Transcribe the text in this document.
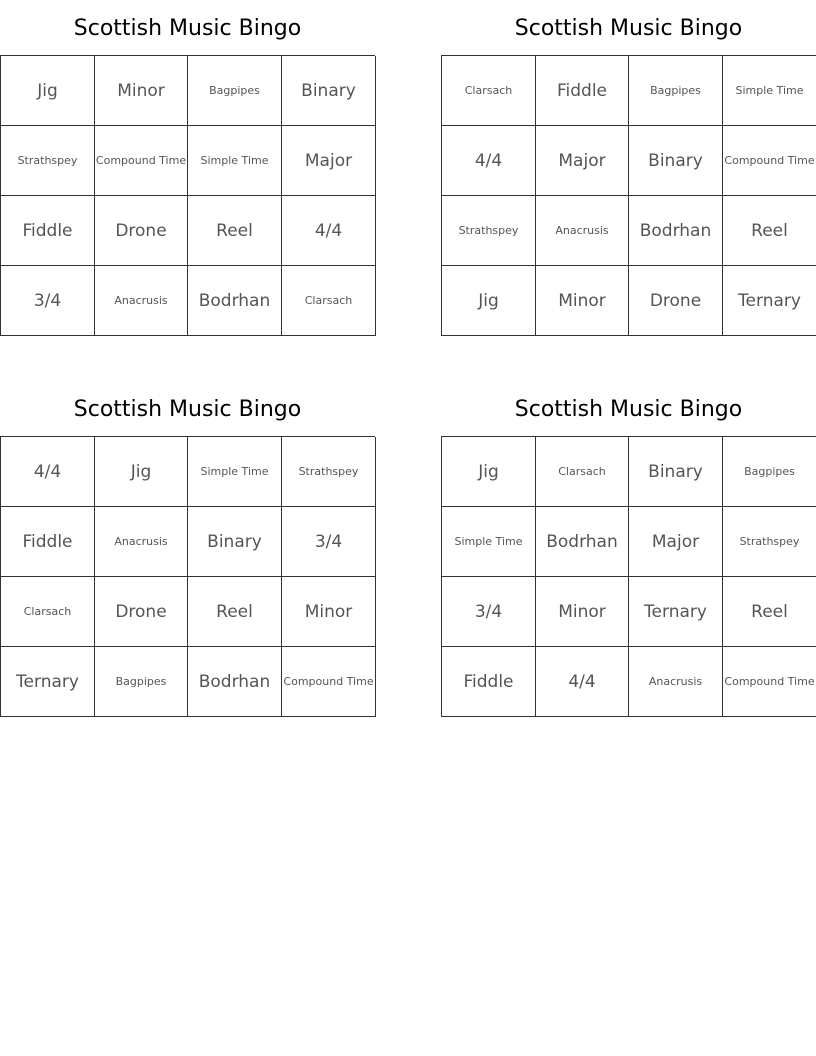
Scottish Music Bingo
Jig	Minor	Bagpipes	Binary
Strathspey	Compound Time	Simple Time	Major
Fiddle	Drone	Reel	4/4
3/4	Anacrusis	Bodrhan	Clarsach
Scottish Music Bingo
Clarsach	Fiddle	Bagpipes	Simple Time
4/4	Major	Binary	Compound Time
Strathspey	Anacrusis	Bodrhan	Reel
Jig	Minor	Drone	Ternary
Scottish Music Bingo
4/4	Jig	Simple Time	Strathspey
Fiddle	Anacrusis	Binary	3/4
Clarsach	Drone	Reel	Minor
Ternary	Bagpipes	Bodrhan	Compound Time
Scottish Music Bingo
Jig	Clarsach	Binary	Bagpipes
Simple Time	Bodrhan	Major	Strathspey
3/4	Minor	Ternary	Reel
Fiddle	4/4	Anacrusis	Compound Time
